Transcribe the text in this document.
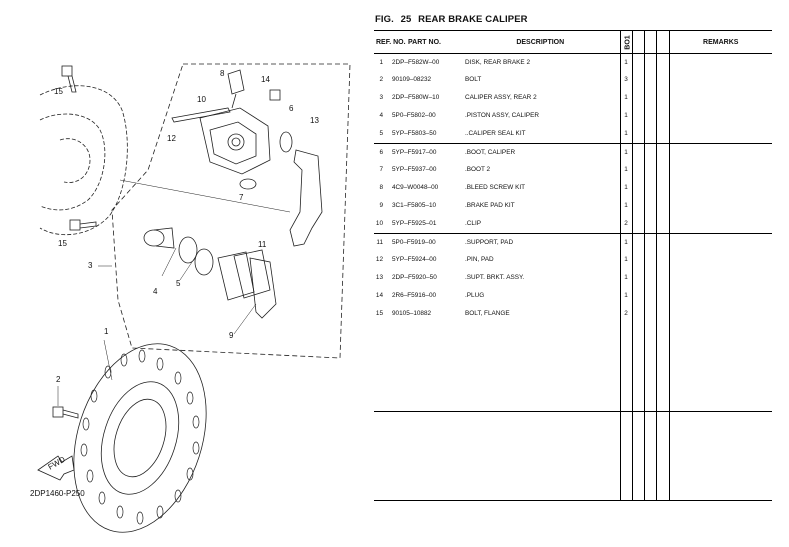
FWD
1
2
3
4
5
6
7
8
9
10
11
12
13
14
15
15
2DP1460-P250
FIG. 25 REAR BRAKE CALIPER
REF. NO.	PART NO.	DESCRIPTION	BO1				REMARKS
1	2DP–F582W–00	DISK, REAR BRAKE 2	1				
2	90109–08232	BOLT	3				
3	2DP–F580W–10	CALIPER ASSY, REAR 2	1				
4	5P0–F5802–00	.PISTON ASSY, CALIPER	1				
5	5YP–F5803–50	..CALIPER SEAL KIT	1				
6	5YP–F5917–00	.BOOT, CALIPER	1				
7	5YP–F5937–00	.BOOT 2	1				
8	4C9–W0048–00	.BLEED SCREW KIT	1				
9	3C1–F5805–10	.BRAKE PAD KIT	1				
10	5YP–F5925–01	.CLIP	2				
11	5P0–F5919–00	.SUPPORT, PAD	1				
12	5YP–F5924–00	.PIN, PAD	1				
13	2DP–F5920–50	.SUPT. BRKT. ASSY.	1				
14	2R6–F5916–00	.PLUG	1				
15	90105–10882	BOLT, FLANGE	2				
